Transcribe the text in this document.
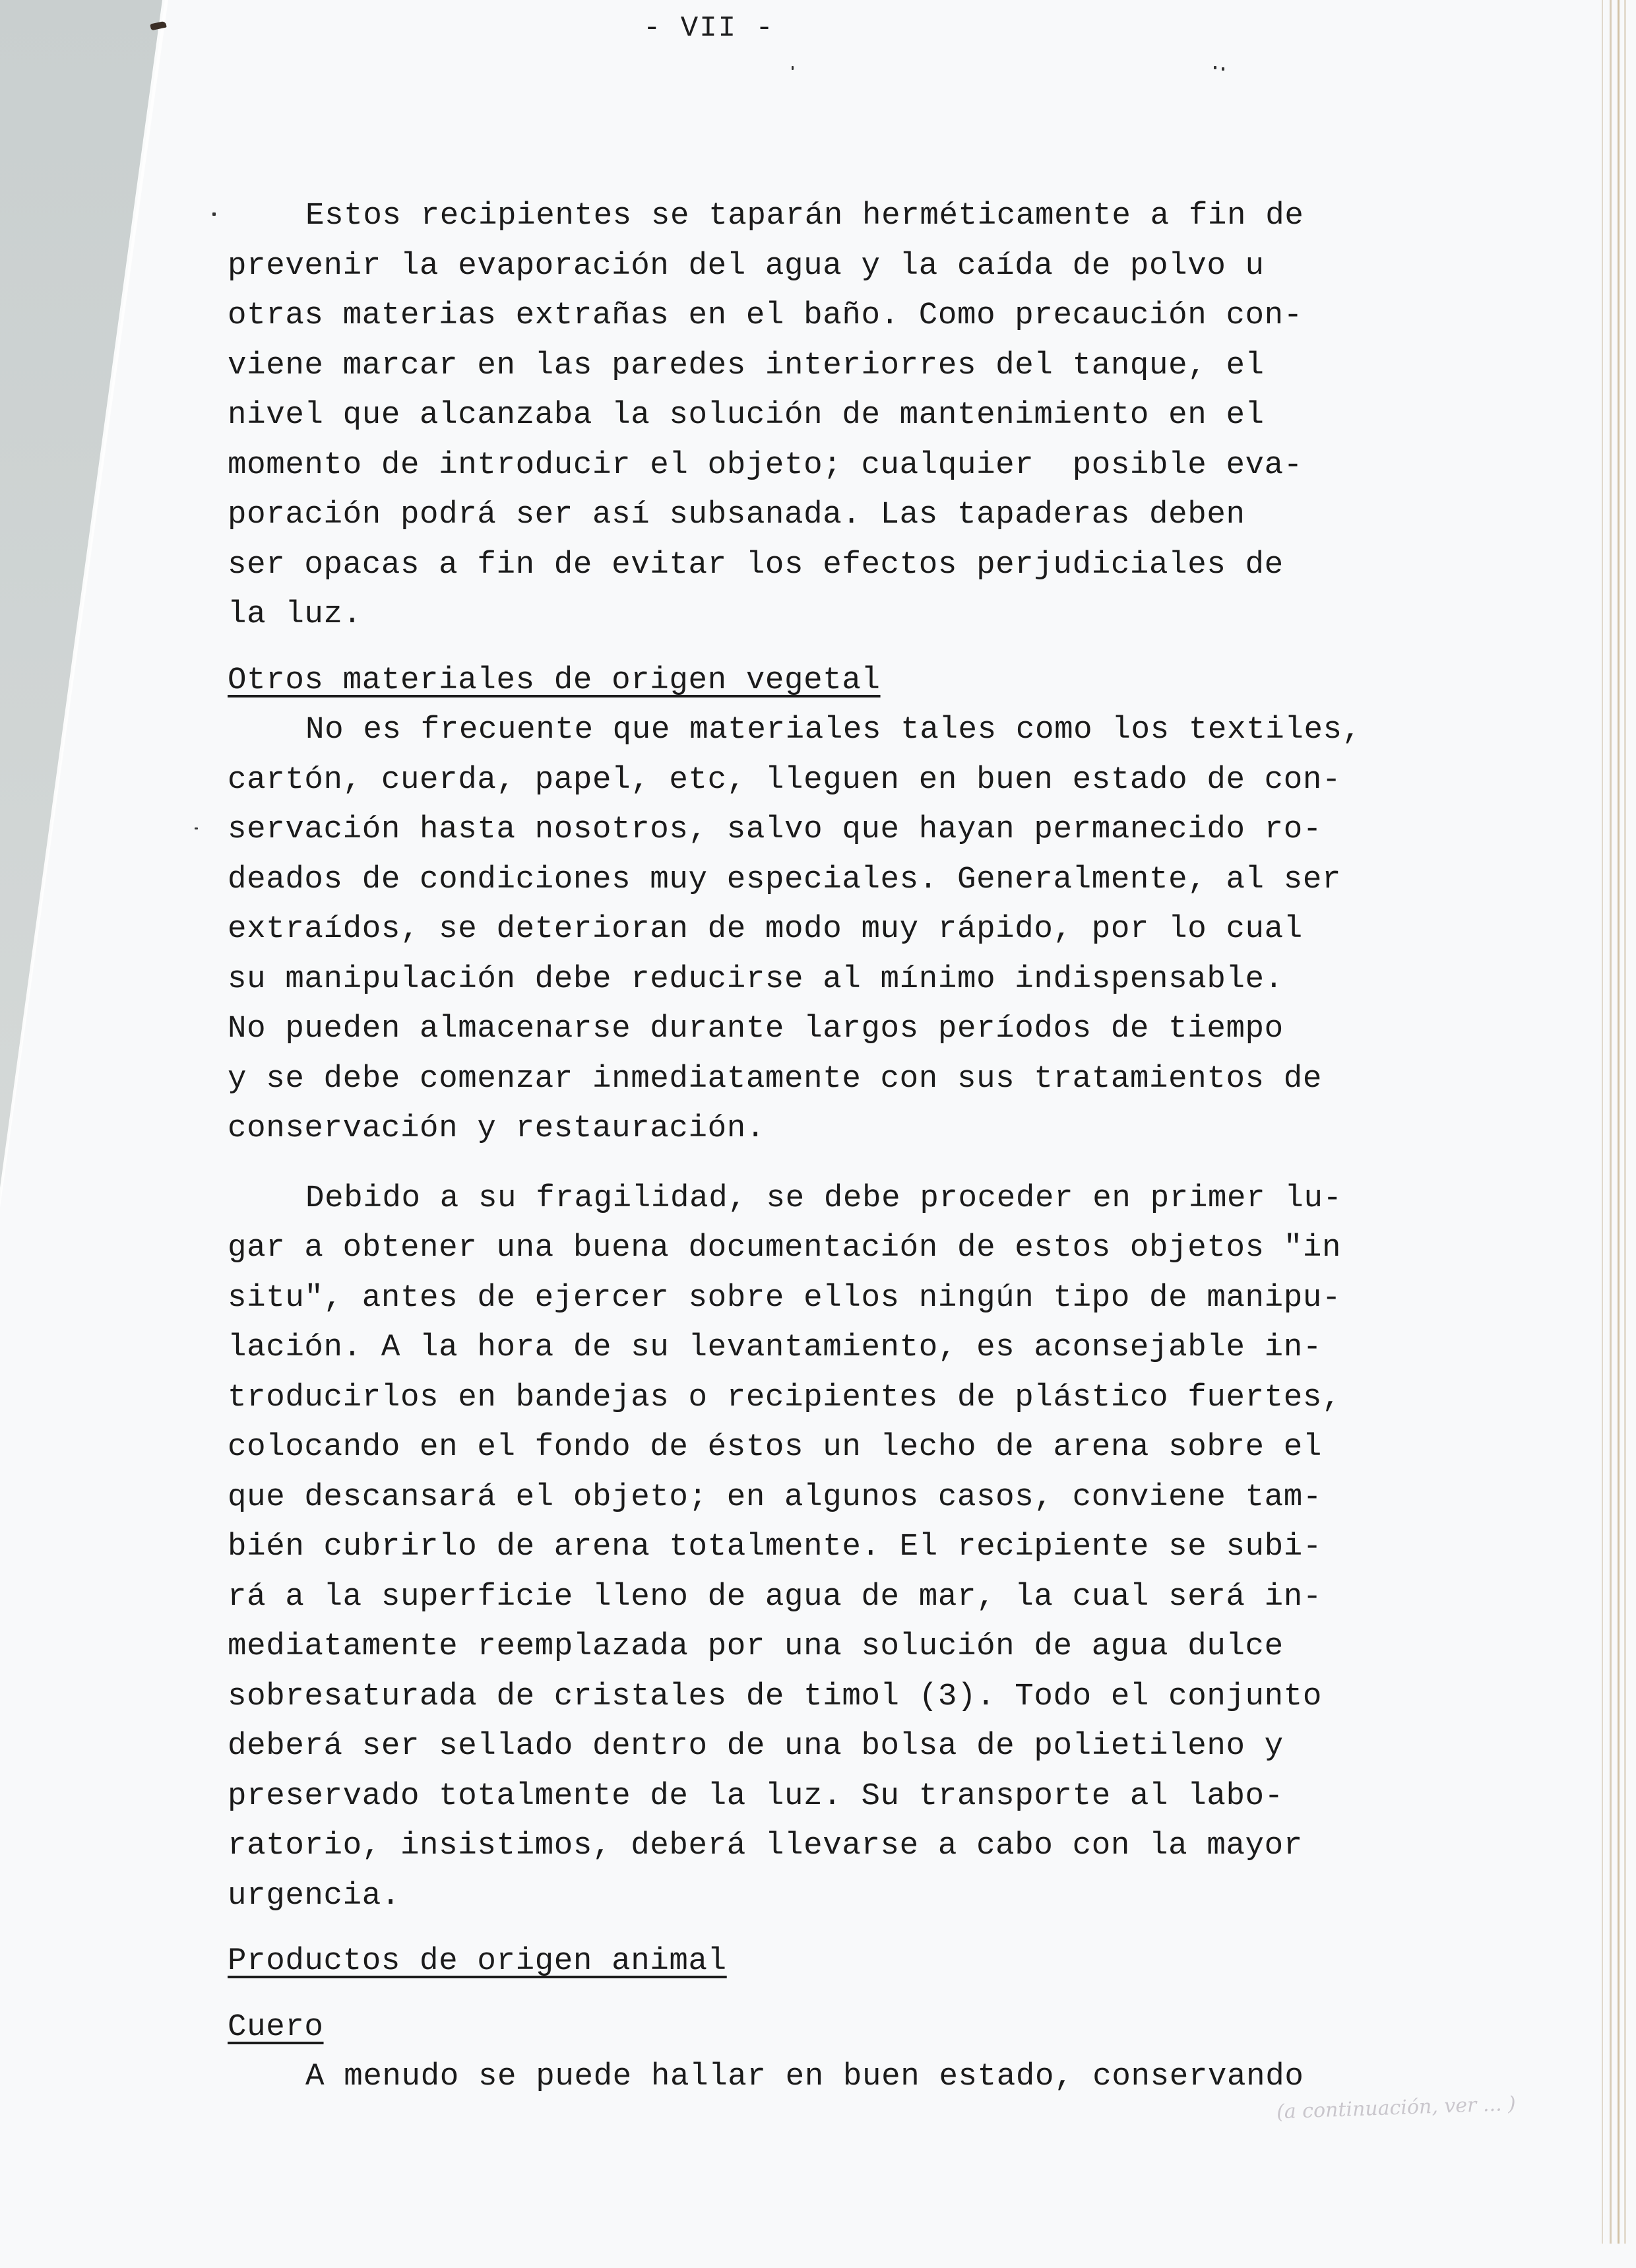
- VII -
Estos recipientes se taparán herméticamente a fin de
prevenir la evaporación del agua y la caída de polvo u
otras materias extrañas en el baño. Como precaución con-
viene marcar en las paredes interiorres del tanque, el
nivel que alcanzaba la solución de mantenimiento en el
momento de introducir el objeto; cualquier  posible eva-
poración podrá ser así subsanada. Las tapaderas deben
ser opacas a fin de evitar los efectos perjudiciales de
la luz.
Otros materiales de origen vegetal
No es frecuente que materiales tales como los textiles,
cartón, cuerda, papel, etc, lleguen en buen estado de con-
servación hasta nosotros, salvo que hayan permanecido ro-
deados de condiciones muy especiales. Generalmente, al ser
extraídos, se deterioran de modo muy rápido, por lo cual
su manipulación debe reducirse al mínimo indispensable.
No pueden almacenarse durante largos períodos de tiempo
y se debe comenzar inmediatamente con sus tratamientos de
conservación y restauración.
Debido a su fragilidad, se debe proceder en primer lu-
gar a obtener una buena documentación de estos objetos "in
situ", antes de ejercer sobre ellos ningún tipo de manipu-
lación. A la hora de su levantamiento, es aconsejable in-
troducirlos en bandejas o recipientes de plástico fuertes,
colocando en el fondo de éstos un lecho de arena sobre el
que descansará el objeto; en algunos casos, conviene tam-
bién cubrirlo de arena totalmente. El recipiente se subi-
rá a la superficie lleno de agua de mar, la cual será in-
mediatamente reemplazada por una solución de agua dulce
sobresaturada de cristales de timol (3). Todo el conjunto
deberá ser sellado dentro de una bolsa de polietileno y
preservado totalmente de la luz. Su transporte al labo-
ratorio, insistimos, deberá llevarse a cabo con la mayor
urgencia.
Productos de origen animal
Cuero
A menudo se puede hallar en buen estado, conservando
(a continuación, ver ... )
